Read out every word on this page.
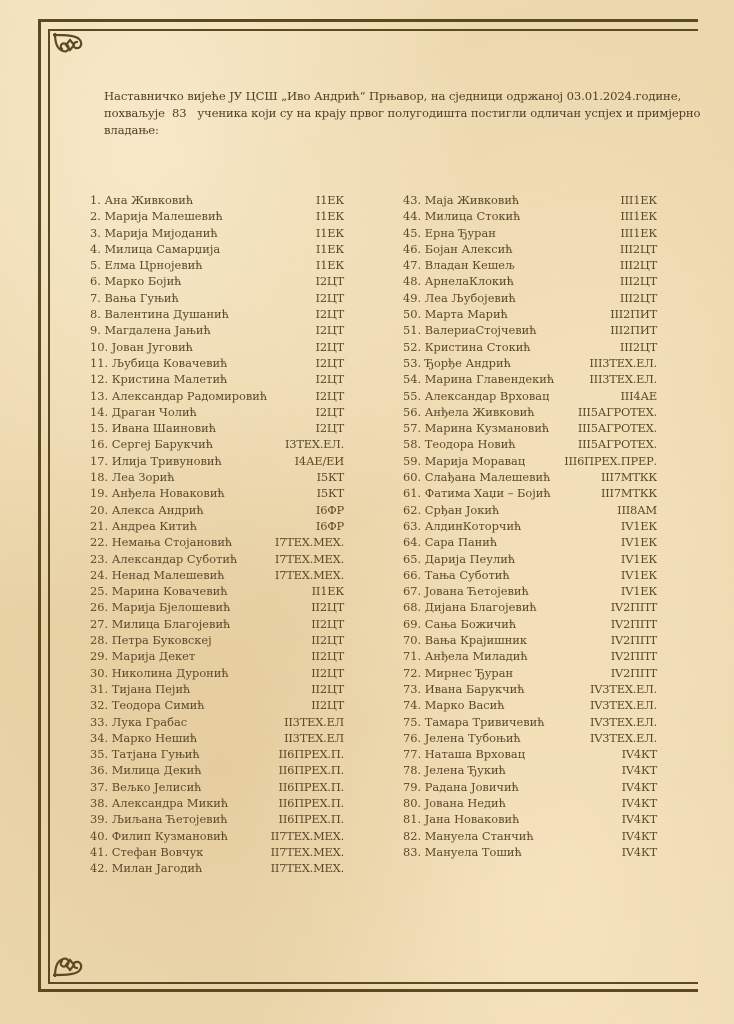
Наставничко вијеће ЈУ ЦСШ „Иво Андрић“ Прњавор, на сједници одржаној 03.01.2024.године,
похваљује  83   ученика који су на крају првог полугодишта постигли одличан успјех и примјерно
владање:
1. Ана Живковић	I1ЕК
2. Марија Малешевић	I1ЕК
3. Марија Мијоданић	I1ЕК
4. Милица Самарџија	I1ЕК
5. Елма Црнојевић	I1ЕК
6. Марко Бојић	I2ЦТ
7. Вања Гуњић	I2ЦТ
8. Валентина Душанић	I2ЦТ
9. Магдалена Јањић	I2ЦТ
10. Јован Југовић	I2ЦТ
11. Љубица Ковачевић	I2ЦТ
12. Кристина Малетић	I2ЦТ
13. Александар Радомировић	I2ЦТ
14. Драган Чолић	I2ЦТ
15. Ивана Шаиновић	I2ЦТ
16. Сергеј Барукчић	I3ТЕХ.ЕЛ.
17. Илија Тривуновић	I4АЕ/ЕИ
18. Леа Зорић	I5КТ
19. Анђела Новаковић	I5КТ
20. Алекса Андрић	I6ФР
21. Андреа Китић	I6ФР
22. Немања Стојановић	I7ТЕХ.МЕХ.
23. Александар Суботић	I7ТЕХ.МЕХ.
24. Ненад Малешевић	I7ТЕХ.МЕХ.
25. Марина Ковачевић	II1ЕК
26. Марија Бјелошевић	II2ЦТ
27. Милица Благојевић	II2ЦТ
28. Петра Буковскеј	II2ЦТ
29. Марија Декет	II2ЦТ
30. Николина Дуронић	II2ЦТ
31. Тијана Пејић	II2ЦТ
32. Теодора Симић	II2ЦТ
33. Лука Грабас	II3ТЕХ.ЕЛ
34. Марко Нешић	II3ТЕХ.ЕЛ
35. Татјана Гуњић	II6ПРЕХ.П.
36. Милица Декић	II6ПРЕХ.П.
37. Вељко Јелисић	II6ПРЕХ.П.
38. Александра Микић	II6ПРЕХ.П.
39. Љиљана Ћетојевић	II6ПРЕХ.П.
40. Филип Кузмановић	II7ТЕХ.МЕХ.
41. Стефан Вовчук	II7ТЕХ.МЕХ.
42. Милан Јагодић	II7ТЕХ.МЕХ.
43. Маја Живковић	III1ЕК
44. Милица Стокић	III1ЕК
45. Ерна Ђуран	III1ЕК
46. Бојан Алексић	III2ЦТ
47. Владан Кешељ	III2ЦТ
48. АрнелаКлокић	III2ЦТ
49. Леа Љубојевић	III2ЦТ
50. Марта Марић	III2ПИТ
51. ВалериаСтојчевић	III2ПИТ
52. Кристина Стокић	III2ЦТ
53. Ђорђе Андрић	III3ТЕХ.ЕЛ.
54. Марина Главендекић	III3ТЕХ.ЕЛ.
55. Александар Врховац	III4АЕ
56. Анђела Живковић	III5АГРОТЕХ.
57. Марина Кузмановић	III5АГРОТЕХ.
58. Теодора Новић	III5АГРОТЕХ.
59. Марија Моравац	III6ПРЕХ.ПРЕР.
60. Слађана Малешевић	III7МТКК
61. Фатима Хаџи – Бојић	III7МТКК
62. Срђан Јокић	III8АМ
63. АлдинКоторчић	IV1ЕК
64. Сара Панић	IV1ЕК
65. Дарија Пеулић	IV1ЕК
66. Тања Суботић	IV1ЕК
67. Јована Ћетојевић	IV1ЕК
68. Дијана Благојевић	IV2ППТ
69. Сања Божичић	IV2ППТ
70. Вања Крајишник	IV2ППТ
71. Анђела Миладић	IV2ППТ
72. Мирнес Ђуран	IV2ППТ
73. Ивана Барукчић	IV3ТЕХ.ЕЛ.
74. Марко Васић	IV3ТЕХ.ЕЛ.
75. Тамара Тривичевић	IV3ТЕХ.ЕЛ.
76. Јелена Тубоњић	IV3ТЕХ.ЕЛ.
77. Наташа Врховац	IV4КТ
78. Јелена Ђукић	IV4КТ
79. Радана Јовичић	IV4КТ
80. Јована Недић	IV4КТ
81. Јана Новаковић	IV4КТ
82. Мануела Станчић	IV4КТ
83. Мануела Тошић	IV4КТ
